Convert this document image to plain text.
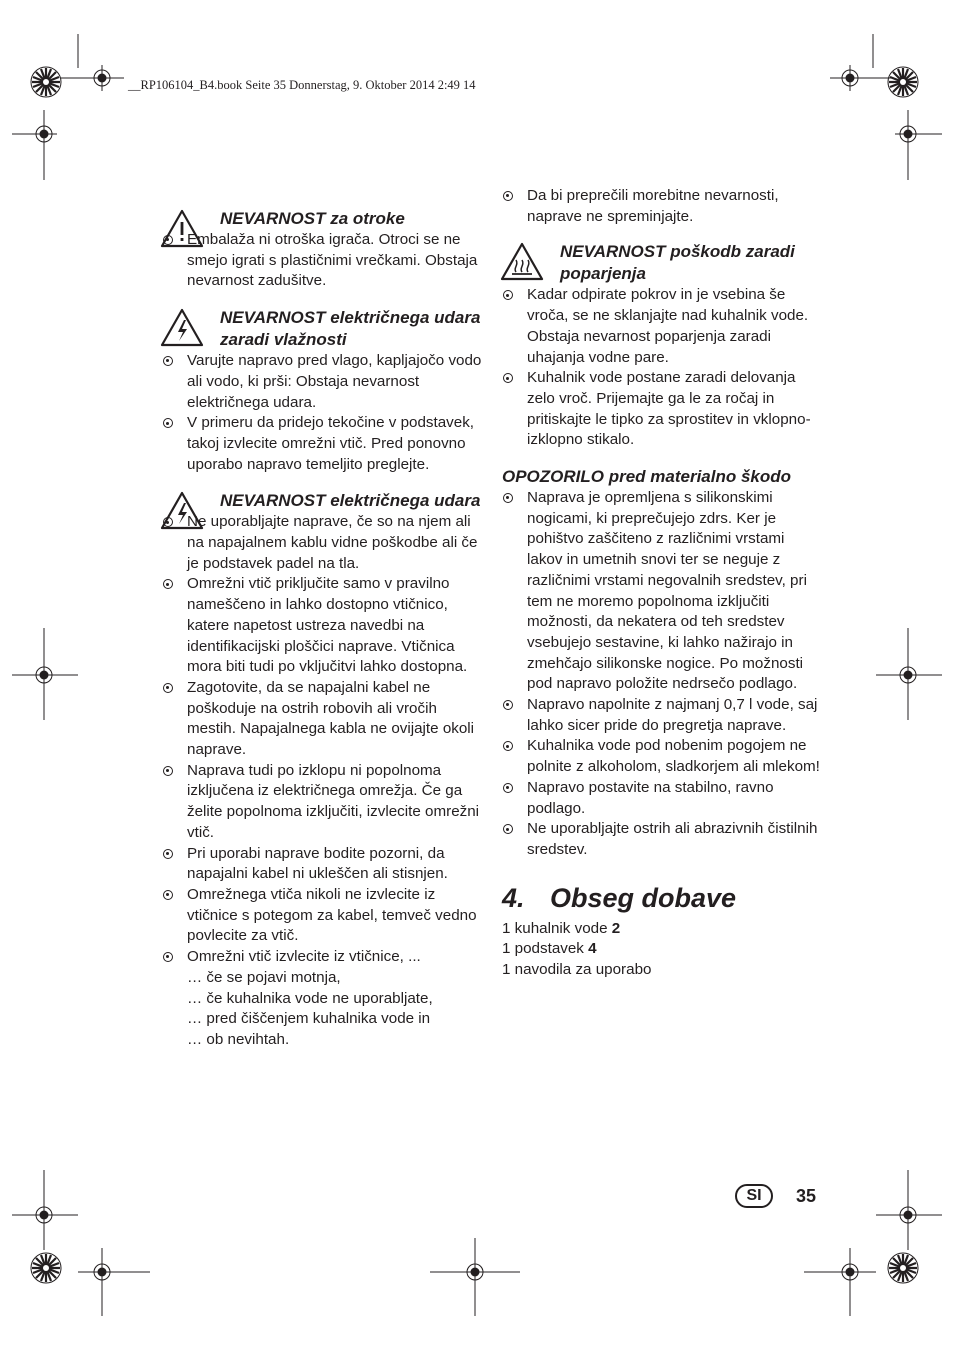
__RP106104_B4.book Seite 35 Donnerstag, 9. Oktober 2014 2:49 14
NEVARNOST za otroke
Embalaža ni otroška igrača. Otroci se ne smejo igrati s plastičnimi vrečkami. Obstaja nevarnost zadušitve.
NEVARNOST električnega udara zaradi vlažnosti
Varujte napravo pred vlago, kapljajočo vodo ali vodo, ki prši: Obstaja nevarnost električnega udara.
V primeru da pridejo tekočine v podstavek, takoj izvlecite omrežni vtič. Pred ponovno uporabo napravo temeljito preglejte.
NEVARNOST električnega udara
Ne uporabljajte naprave, če so na njem ali na napajalnem kablu vidne poškodbe ali če je podstavek padel na tla.
Omrežni vtič priključite samo v pravilno nameščeno in lahko dostopno vtičnico, katere napetost ustreza navedbi na identifikacijski ploščici naprave. Vtičnica mora biti tudi po vključitvi lahko dostopna.
Zagotovite, da se napajalni kabel ne poškoduje na ostrih robovih ali vročih mestih. Napajalnega kabla ne ovijajte okoli naprave.
Naprava tudi po izklopu ni popolnoma izključena iz električnega omrežja. Če ga želite popolnoma izključiti, izvlecite omrežni vtič.
Pri uporabi naprave bodite pozorni, da napajalni kabel ni ukleščen ali stisnjen.
Omrežnega vtiča nikoli ne izvlecite iz vtičnice s potegom za kabel, temveč vedno povlecite za vtič.
Omrežni vtič izvlecite iz vtičnice, ...
… če se pojavi motnja,
… če kuhalnika vode ne uporabljate,
… pred čiščenjem kuhalnika vode in
… ob nevihtah.
Da bi preprečili morebitne nevarnosti, naprave ne spreminjajte.
NEVARNOST poškodb zaradi poparjenja
Kadar odpirate pokrov in je vsebina še vroča, se ne sklanjajte nad kuhalnik vode. Obstaja nevarnost poparjenja zaradi uhajanja vodne pare.
Kuhalnik vode postane zaradi delovanja zelo vroč. Prijemajte ga le za ročaj in pritiskajte le tipko za sprostitev in vklopno-izklopno stikalo.
OPOZORILO pred materialno škodo
Naprava je opremljena s silikonskimi nogicami, ki preprečujejo zdrs. Ker je pohištvo zaščiteno z različnimi vrstami lakov in umetnih snovi ter se neguje z različnimi vrstami negovalnih sredstev, pri tem ne moremo popolnoma izključiti možnosti, da nekatera od teh sredstev vsebujejo sestavine, ki lahko nažirajo in zmehčajo silikonske nogice. Po možnosti pod napravo položite nedrsečo podlago.
Napravo napolnite z najmanj 0,7 l vode, saj lahko sicer pride do pregretja naprave.
Kuhalnika vode pod nobenim pogojem ne polnite z alkoholom, sladkorjem ali mlekom!
Napravo postavite na stabilno, ravno podlago.
Ne uporabljajte ostrih ali abrazivnih čistilnih sredstev.
4. Obseg dobave
1 kuhalnik vode 2
1 podstavek 4
1 navodila za uporabo
SI	35
